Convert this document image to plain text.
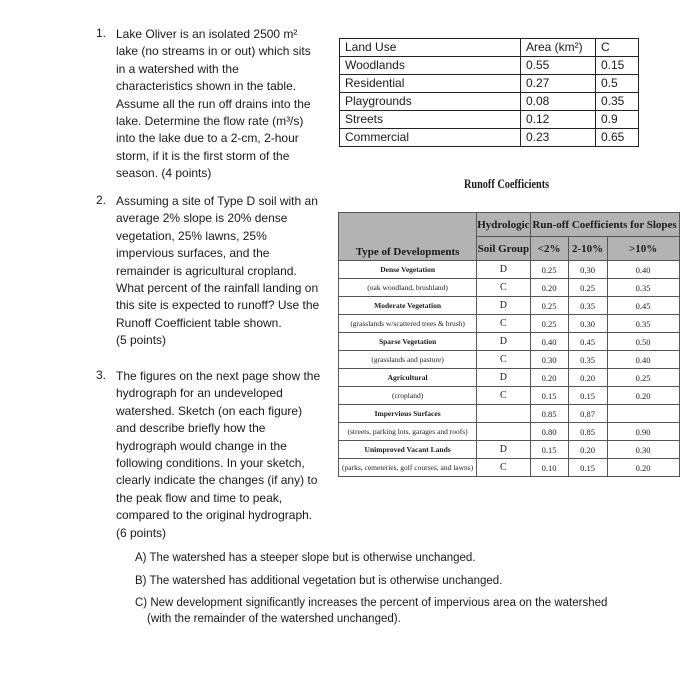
1. Lake Oliver is an isolated 2500 m²
lake (no streams in or out) which sits
in a watershed with the
characteristics shown in the table.
Assume all the run off drains into the
lake. Determine the flow rate (m³/s)
into the lake due to a 2-cm, 2-hour
storm, if it is the first storm of the
season. (4 points)
Land Use	Area (km²)	C
Woodlands	0.55	0.15
Residential	0.27	0.5
Playgrounds	0.08	0.35
Streets	0.12	0.9
Commercial	0.23	0.65
2. Assuming a site of Type D soil with an
average 2% slope is 20% dense
vegetation, 25% lawns, 25%
impervious surfaces, and the
remainder is agricultural cropland.
What percent of the rainfall landing on
this site is expected to runoff? Use the
Runoff Coefficient table shown.
(5 points)
Runoff Coefficients
Type of Developments	Hydrologic	Run-off Coefficients for Slopes		
	Soil Group	<2%	2-10%	>10%
Dense Vegetation	D	0.25	0.30	0.40
(oak woodland, brushland)	C	0.20	0.25	0.35
Moderate Vegetation	D	0.25	0.35	0.45
(grasslands w/scattered trees & brush)	C	0.25	0.30	0.35
Sparse Vegetation	D	0.40	0.45	0.50
(grasslands and pasture)	C	0.30	0.35	0.40
Agricultural	D	0.20	0.20	0.25
(cropland)	C	0.15	0.15	0.20
Impervious Surfaces		0.85	0.87	
(streets, parking lots, garages and roofs)		0.80	0.85	0.90
Unimproved Vacant Lands	D	0.15	0.20	0.30
(parks, cemeteries, golf courses, and lawns)	C	0.10	0.15	0.20
3. The figures on the next page show the
hydrograph for an undeveloped
watershed. Sketch (on each figure)
and describe briefly how the
hydrograph would change in the
following conditions. In your sketch,
clearly indicate the changes (if any) to
the peak flow and time to peak,
compared to the original hydrograph.
(6 points)
A) The watershed has a steeper slope but is otherwise unchanged.
B) The watershed has additional vegetation but is otherwise unchanged.
C) New development significantly increases the percent of impervious area on the watershed
(with the remainder of the watershed unchanged).
